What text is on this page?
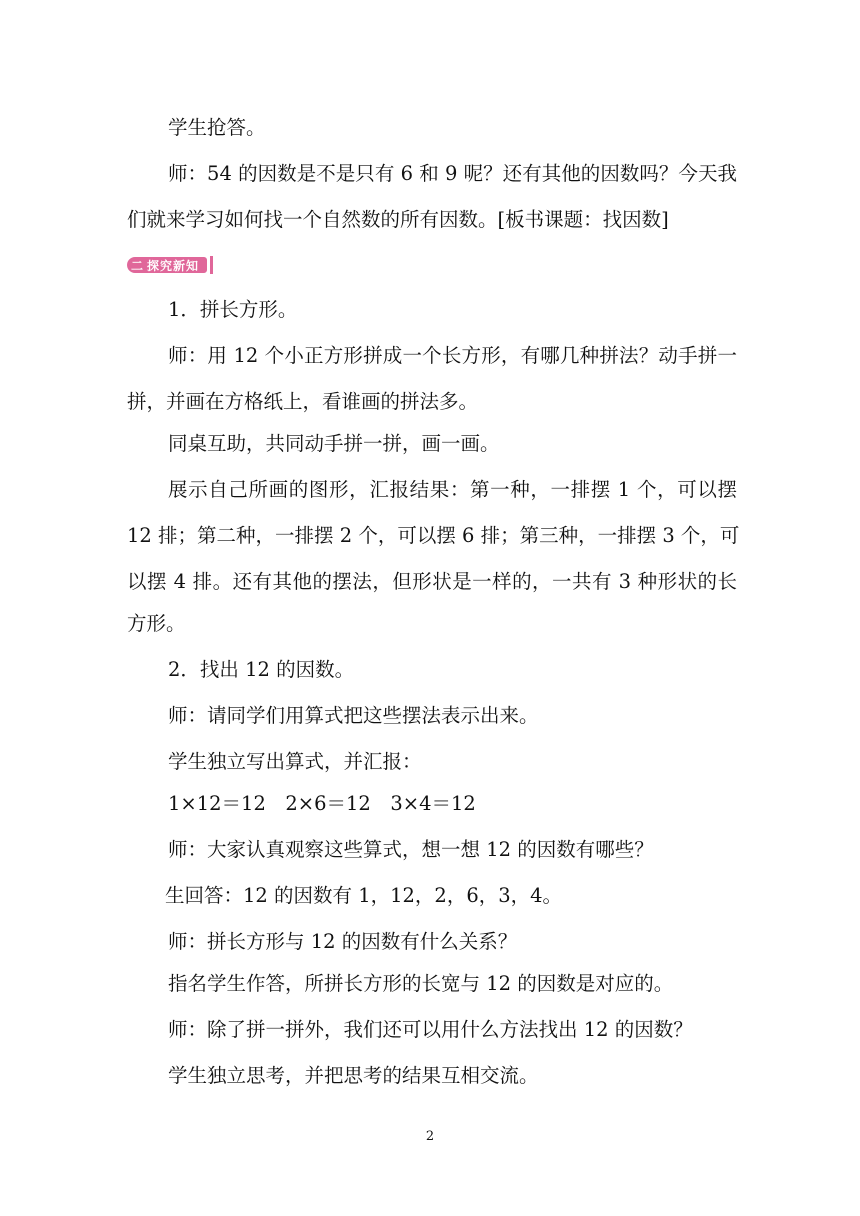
学生抢答。
师：54 的因数是不是只有 6 和 9 呢？还有其他的因数吗？今天我
们就来学习如何找一个自然数的所有因数。[板书课题：找因数]
二 探究新知
1．拼长方形。
师：用 12 个小正方形拼成一个长方形，有哪几种拼法？动手拼一
拼，并画在方格纸上，看谁画的拼法多。
同桌互助，共同动手拼一拼，画一画。
展示自己所画的图形，汇报结果：第一种，一排摆 1 个，可以摆
12 排；第二种，一排摆 2 个，可以摆 6 排；第三种，一排摆 3 个，可
以摆 4 排。还有其他的摆法，但形状是一样的，一共有 3 种形状的长
方形。
2．找出 12 的因数。
师：请同学们用算式把这些摆法表示出来。
学生独立写出算式，并汇报：
1×12＝12　2×6＝12　3×4＝12
师：大家认真观察这些算式，想一想 12 的因数有哪些？
生回答：12 的因数有 1，12，2，6，3，4。
师：拼长方形与 12 的因数有什么关系？
指名学生作答，所拼长方形的长宽与 12 的因数是对应的。
师：除了拼一拼外，我们还可以用什么方法找出 12 的因数？
学生独立思考，并把思考的结果互相交流。
2
